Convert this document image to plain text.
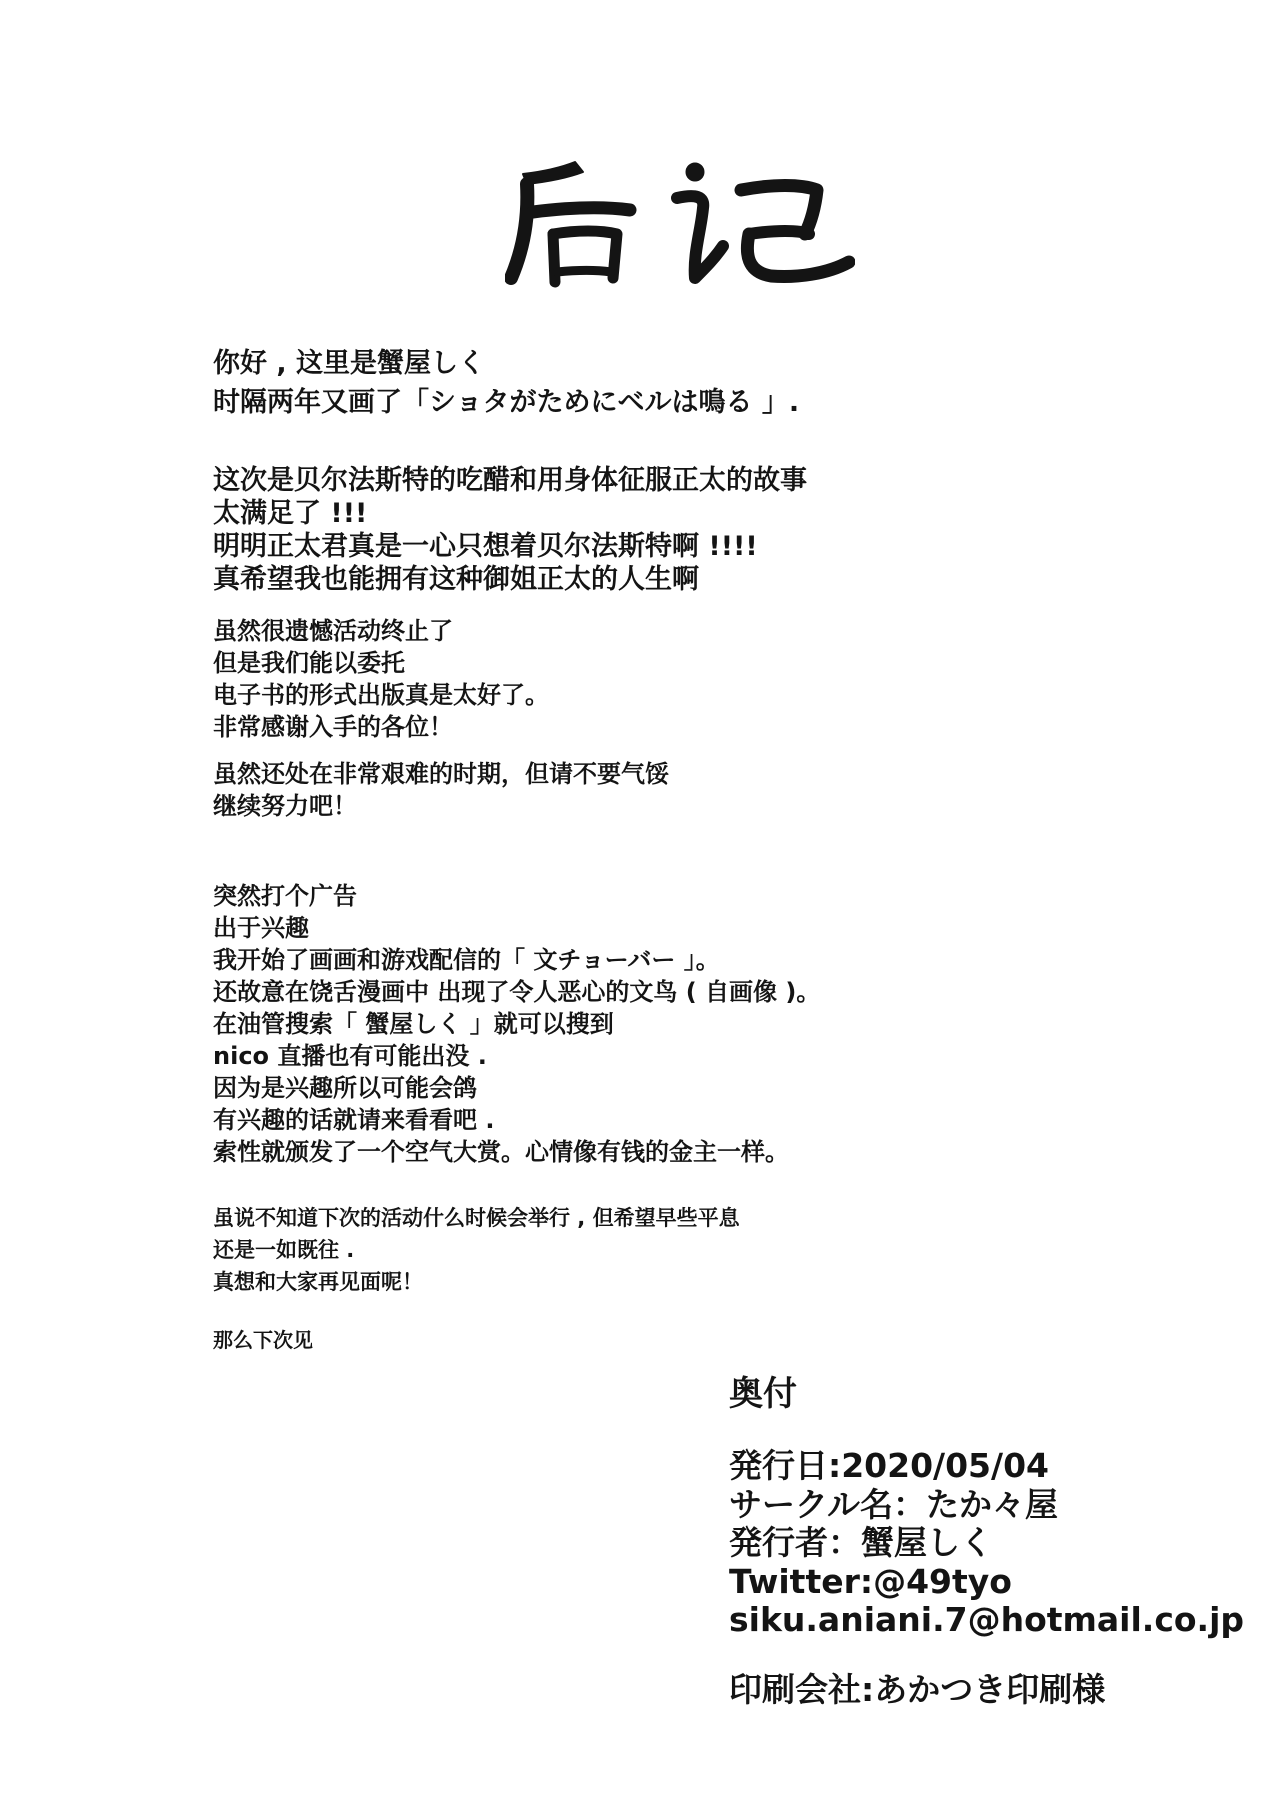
你好 , 这里是蟹屋しく
时隔两年又画了「ショタがためにベルは鳴る 」.
这次是贝尔法斯特的吃醋和用身体征服正太的故事
太满足了 !!!
明明正太君真是一心只想着贝尔法斯特啊 !!!!
真希望我也能拥有这种御姐正太的人生啊
虽然很遗憾活动终止了
但是我们能以委托
电子书的形式出版真是太好了。
非常感谢入手的各位！
虽然还处在非常艰难的时期，但请不要气馁
继续努力吧！
突然打个广告
出于兴趣
我开始了画画和游戏配信的「 文チョーバー 」。
还故意在饶舌漫画中 出现了令人恶心的文鸟 ( 自画像 )。
在油管搜索「 蟹屋しく 」就可以搜到
nico 直播也有可能出没 .
因为是兴趣所以可能会鸽
有兴趣的话就请来看看吧 .
索性就颁发了一个空气大赏。心情像有钱的金主一样。
虽说不知道下次的活动什么时候会举行 , 但希望早些平息
还是一如既往 .
真想和大家再见面呢！
那么下次见
奥付
発行日:2020/05/04
サークル名：たか々屋
発行者：蟹屋しく
Twitter:@49tyo
siku.aniani.7@hotmail.co.jp
印刷会社:あかつき印刷様
